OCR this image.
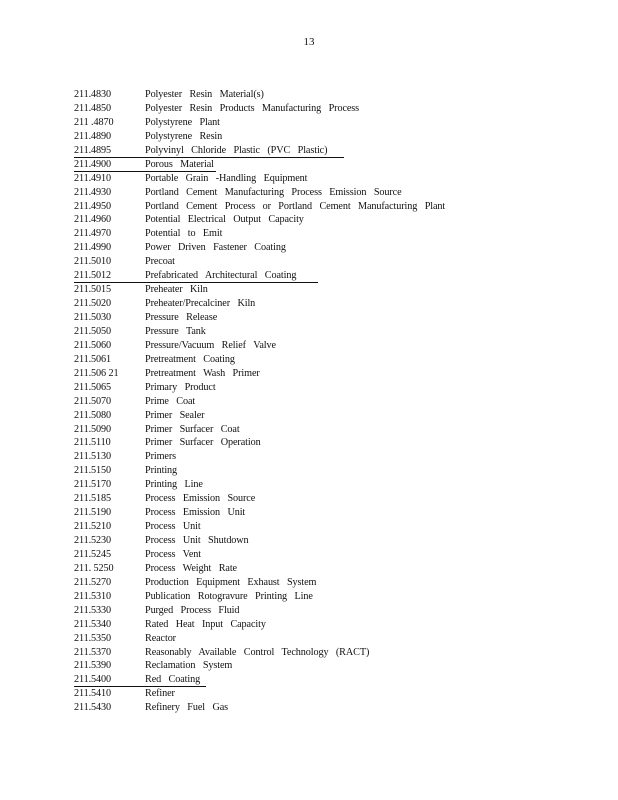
13
211.4830	Polyester Resin Material(s)
211.4850	Polyester Resin Products Manufacturing Process
211 .4870	Polystyrene Plant
211.4890	Polystyrene Resin
211.4895	Polyvinyl Chloride Plastic (PVC Plastic)
211.4900	Porous Material
211.4910	Portable Grain -Handling Equipment
211.4930	Portland Cement Manufacturing Process Emission Source
211.4950	Portland Cement Process or Portland Cement Manufacturing Plant
211.4960	Potential Electrical Output Capacity
211.4970	Potential to Emit
211.4990	Power Driven Fastener Coating
211.5010	Precoat
211.5012	Prefabricated Architectural Coating
211.5015	Preheater Kiln
211.5020	Preheater/Precalciner Kiln
211.5030	Pressure Release
211.5050	Pressure Tank
211.5060	Pressure/Vacuum Relief Valve
211.5061	Pretreatment Coating
211.506 21	Pretreatment Wash Primer
211.5065	Primary Product
211.5070	Prime Coat
211.5080	Primer Sealer
211.5090	Primer Surfacer Coat
211.5110	Primer Surfacer Operation
211.5130	Primers
211.5150	Printing
211.5170	Printing Line
211.5185	Process Emission Source
211.5190	Process Emission Unit
211.5210	Process Unit
211.5230	Process Unit Shutdown
211.5245	Process Vent
211. 5250	Process Weight Rate
211.5270	Production Equipment Exhaust System
211.5310	Publication Rotogravure Printing Line
211.5330	Purged Process Fluid
211.5340	Rated Heat Input Capacity
211.5350	Reactor
211.5370	Reasonably Available Control Technology (RACT)
211.5390	Reclamation System
211.5400	Red Coating
211.5410	Refiner
211.5430	Refinery Fuel Gas
